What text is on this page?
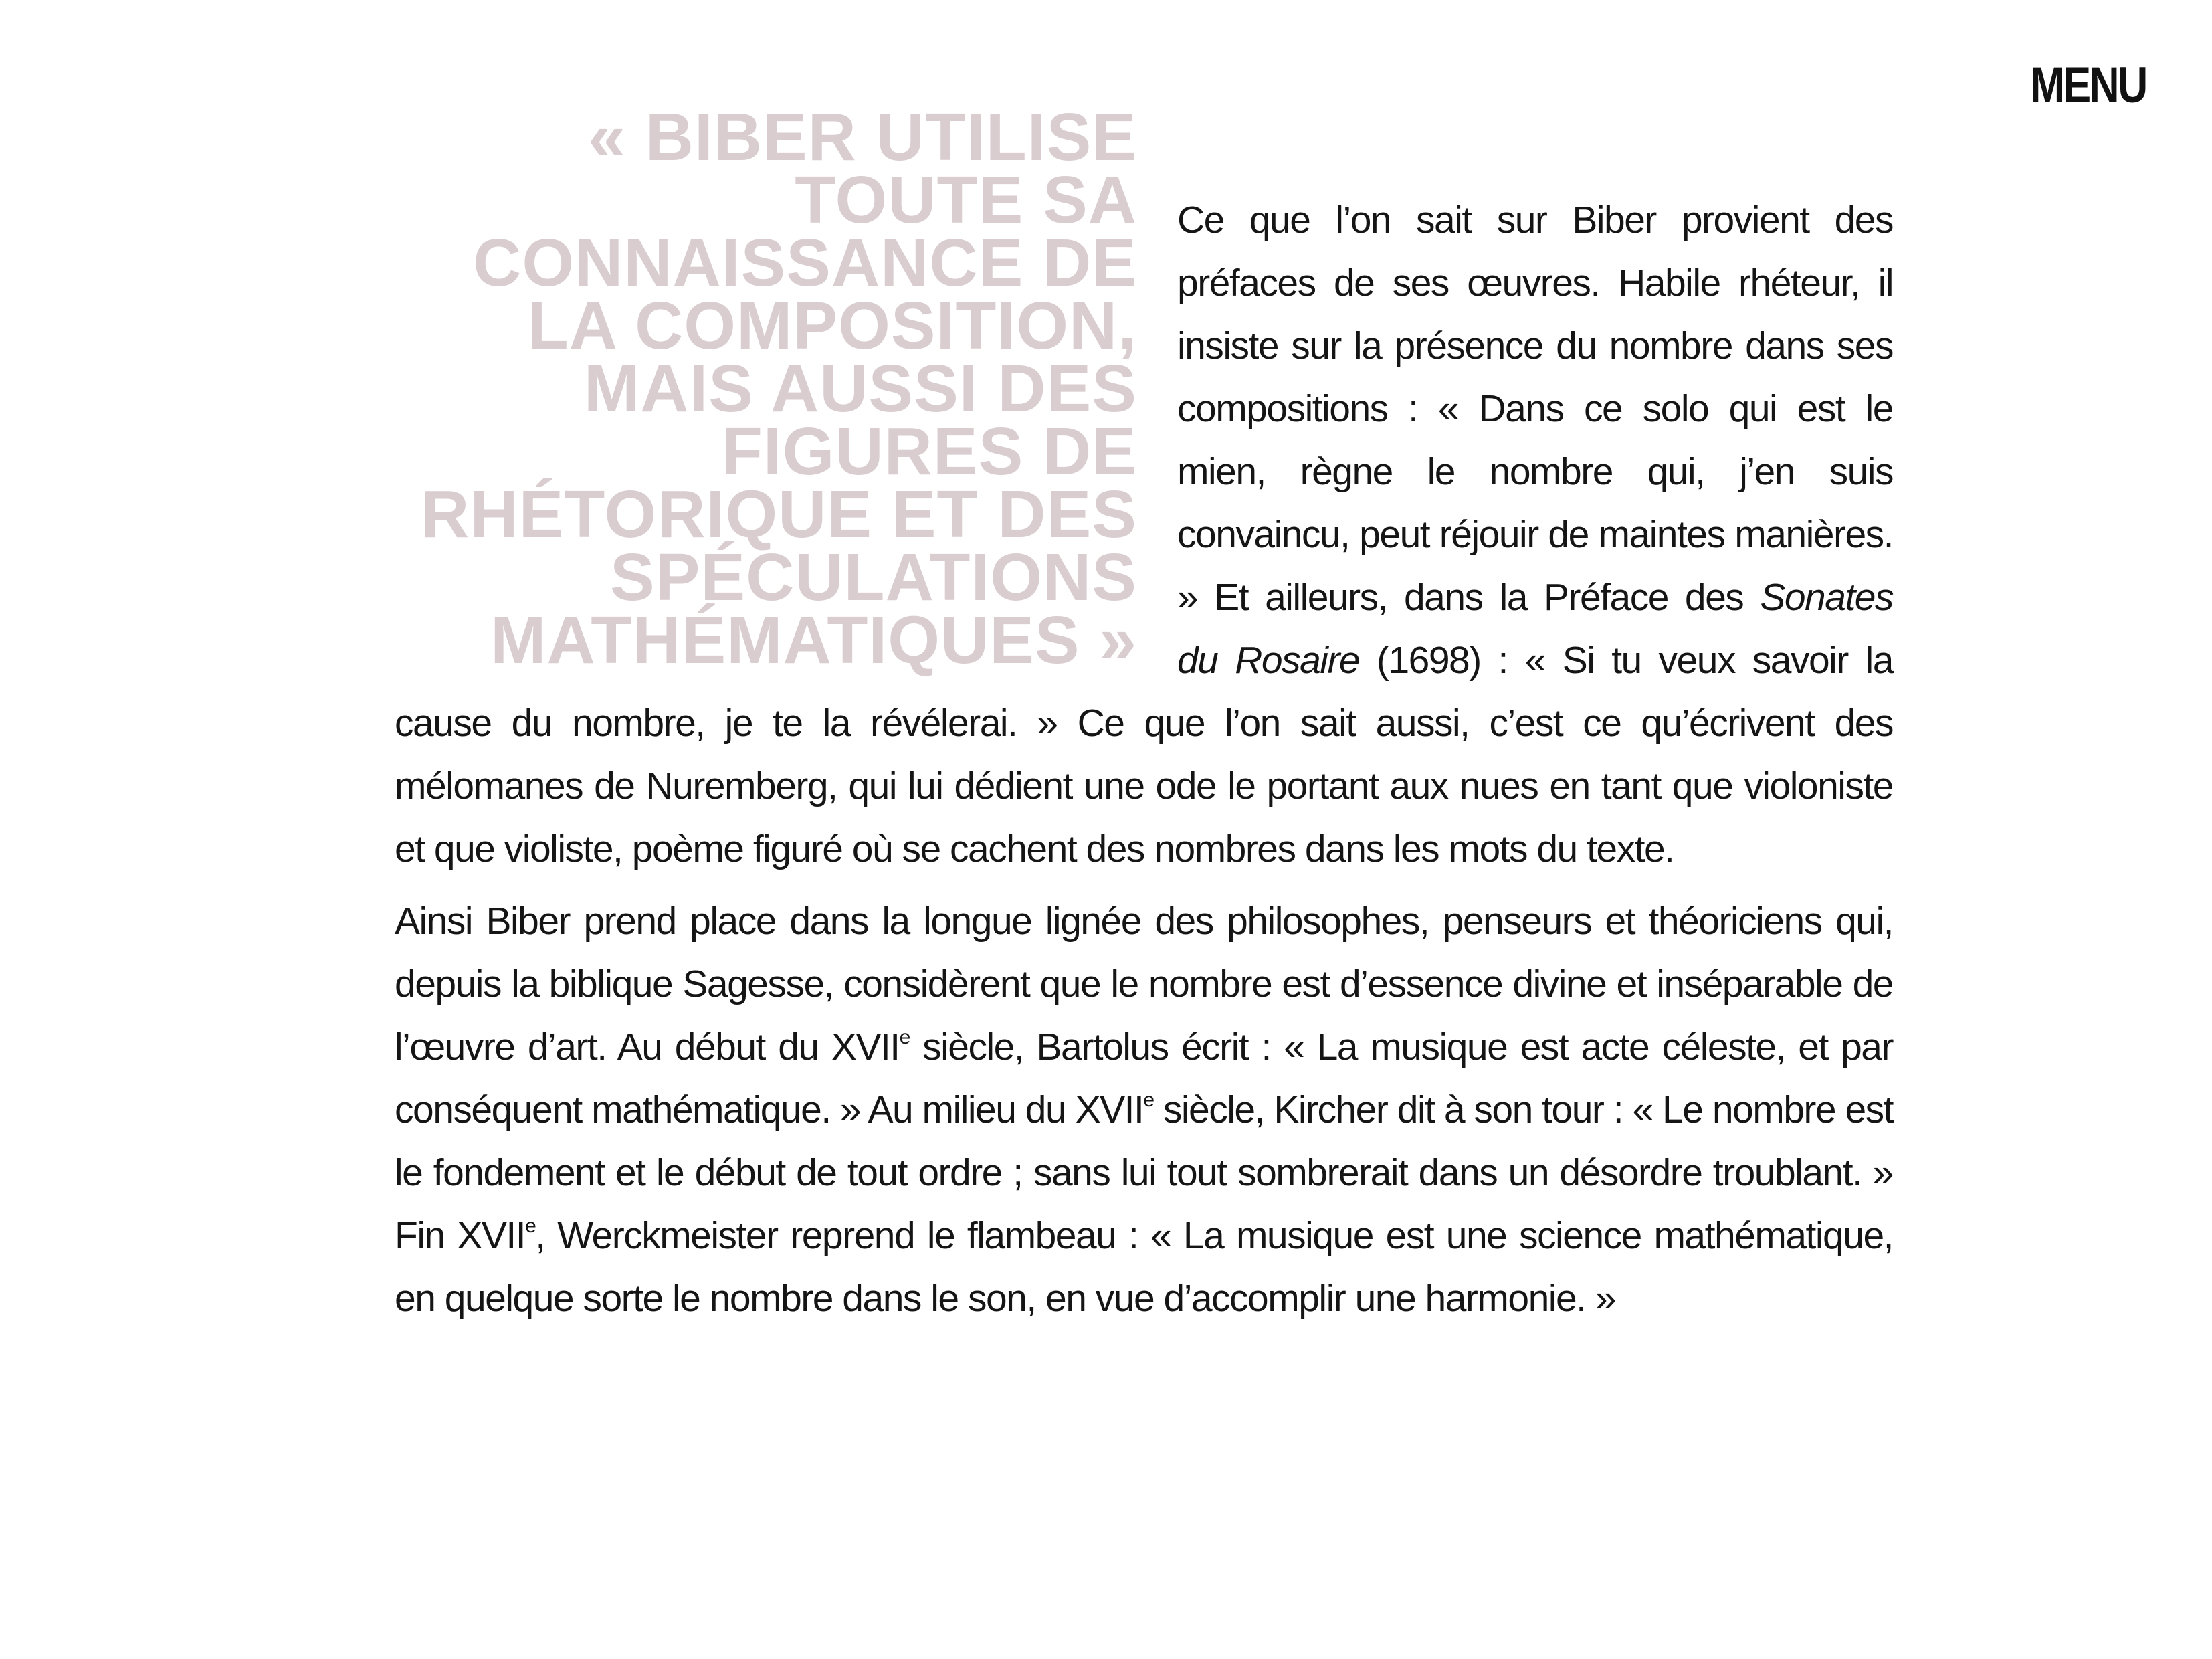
MENU
« BIBER UTILISE TOUTE SA CONNAISSANCE DE LA COMPOSITION, MAIS AUSSI DES FIGURES DE RHÉTORIQUE ET DES SPÉCULATIONS MATHÉMATIQUES »

Ce que l’on sait sur Biber provient des préfaces de ses œuvres. Habile rhéteur, il insiste sur la présence du nombre dans ses compositions : « Dans ce solo qui est le mien, règne le nombre qui, j’en suis convaincu, peut réjouir de maintes manières. » Et ailleurs, dans la Préface des Sonates du Rosaire (1698) : « Si tu veux savoir la cause du nombre, je te la révélerai. » Ce que l’on sait aussi, c’est ce qu’écrivent des mélomanes de Nuremberg, qui lui dédient une ode le portant aux nues en tant que violoniste et que violiste, poème figuré où se cachent des nombres dans les mots du texte.

Ainsi Biber prend place dans la longue lignée des philosophes, penseurs et théoriciens qui, depuis la biblique Sagesse, considèrent que le nombre est d’essence divine et inséparable de l’œuvre d’art. Au début du XVIIe siècle, Bartolus écrit : « La musique est acte céleste, et par conséquent mathématique. » Au milieu du XVIIe siècle, Kircher dit à son tour : « Le nombre est le fondement et le début de tout ordre ; sans lui tout sombrerait dans un désordre troublant. » Fin XVIIe, Werckmeister reprend le flambeau : « La musique est une science mathématique, en quelque sorte le nombre dans le son, en vue d’accomplir une harmonie. »
